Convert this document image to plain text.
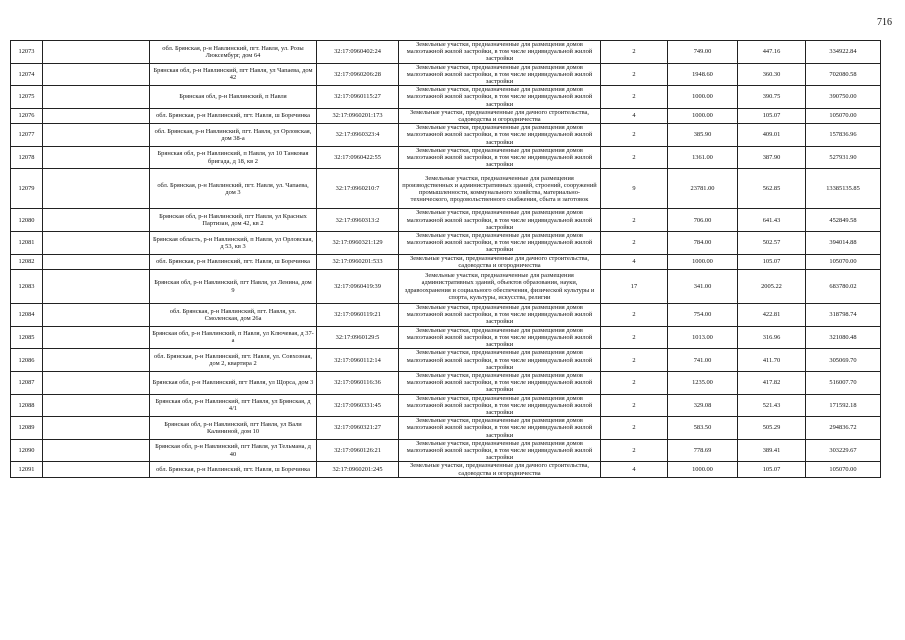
716
12073		обл. Брянская, р-н Навлинский, пгт. Навля, ул. Розы Люксембург, дом 64	32:17:0960402:24	Земельные участки, предназначенные для размещения домов малоэтажной жилой застройки, в том числе индивидуальной жилой застройки	2	749.00	447.16	334922.84
12074		Брянская обл, р-н Навлинский, пгт Навля, ул Чапаева, дом 42	32:17:0960206:28	Земельные участки, предназначенные для размещения домов малоэтажной жилой застройки, в том числе индивидуальной жилой застройки	2	1948.60	360.30	702080.58
12075		Брянская обл, р-н Навлинский, п Навля	32:17:0960115:27	Земельные участки, предназначенные для размещения домов малоэтажной жилой застройки, в том числе индивидуальной жилой застройки	2	1000.00	390.75	390750.00
12076		обл. Брянская, р-н Навлинский, пгт. Навля, ш Боречинка	32:17:0960201:173	Земельные участки, предназначенные для дачного строительства, садоводства и огородничества	4	1000.00	105.07	105070.00
12077		обл. Брянская, р-н Навлинский, пгт. Навля, ул Орловская, дом 38-а	32:17:0960323:4	Земельные участки, предназначенные для размещения домов малоэтажной жилой застройки, в том числе индивидуальной жилой застройки	2	385.90	409.01	157836.96
12078		Брянская обл, р-н Навлинский, п Навля, ул 10 Танковая бригада, д 18, кв 2	32:17:0960422:55	Земельные участки, предназначенные для размещения домов малоэтажной жилой застройки, в том числе индивидуальной жилой застройки	2	1361.00	387.90	527931.90
12079		обл. Брянская, р-н Навлинский, пгт. Навля, ул. Чапаева, дом 3	32:17:0960210:7	Земельные участки, предназначенные для размещения производственных и административных зданий, строений, сооружений промышленности, коммунального хозяйства, материально-технического, продовольственного снабжения, сбыта и заготовок	9	23781.00	562.85	13385135.85
12080		Брянская обл, р-н Навлинский, пгт Навля, ул Красных Партизан, дом 42, кв 2	32:17:0960313:2	Земельные участки, предназначенные для размещения домов малоэтажной жилой застройки, в том числе индивидуальной жилой застройки	2	706.00	641.43	452849.58
12081		Брянская область, р-н Навлинский, п Навля, ул Орловская, д 53, кв 3	32:17:0960321:129	Земельные участки, предназначенные для размещения домов малоэтажной жилой застройки, в том числе индивидуальной жилой застройки	2	784.00	502.57	394014.88
12082		обл. Брянская, р-н Навлинский, пгт. Навля, ш Боречинка	32:17:0960201:533	Земельные участки, предназначенные для дачного строительства, садоводства и огородничества	4	1000.00	105.07	105070.00
12083		Брянская обл, р-н Навлинский, пгт Навля, ул Ленина, дом 9	32:17:0960419:39	Земельные участки, предназначенные для размещения административных зданий, объектов образования, науки, здравоохранения и социального обеспечения, физической культуры и спорта, культуры, искусства, религии	17	341.00	2005.22	683780.02
12084		обл. Брянская, р-н Навлинский, пгт. Навля, ул. Смоленская, дом 26а	32:17:0960119:21	Земельные участки, предназначенные для размещения домов малоэтажной жилой застройки, в том числе индивидуальной жилой застройки	2	754.00	422.81	318798.74
12085		Брянская обл, р-н Навлинский, п Навля, ул Ключевая, д 37-а	32:17:0960129:5	Земельные участки, предназначенные для размещения домов малоэтажной жилой застройки, в том числе индивидуальной жилой застройки	2	1013.00	316.96	321080.48
12086		обл. Брянская, р-н Навлинский, пгт. Навля, ул. Совхозная, дом 2, квартира 2	32:17:0960112:14	Земельные участки, предназначенные для размещения домов малоэтажной жилой застройки, в том числе индивидуальной жилой застройки	2	741.00	411.70	305069.70
12087		Брянская обл, р-н Навлинский, пгт Навля, ул Щорса, дом 3	32:17:0960116:36	Земельные участки, предназначенные для размещения домов малоэтажной жилой застройки, в том числе индивидуальной жилой застройки	2	1235.00	417.82	516007.70
12088		Брянская обл, р-н Навлинский, пгт Навля, ул Брянская, д 4/1	32:17:0960331:45	Земельные участки, предназначенные для размещения домов малоэтажной жилой застройки, в том числе индивидуальной жилой застройки	2	329.08	521.43	171592.18
12089		Брянская обл, р-н Навлинский, пгт Навля, ул Вали Калининой, дом 10	32:17:0960321:27	Земельные участки, предназначенные для размещения домов малоэтажной жилой застройки, в том числе индивидуальной жилой застройки	2	583.50	505.29	294836.72
12090		Брянская обл, р-н Навлинский, пгт Навля, ул Тельмана, д 40	32:17:0960126:21	Земельные участки, предназначенные для размещения домов малоэтажной жилой застройки, в том числе индивидуальной жилой застройки	2	778.69	389.41	303229.67
12091		обл. Брянская, р-н Навлинский, пгт. Навля, ш Боречинка	32:17:0960201:245	Земельные участки, предназначенные для дачного строительства, садоводства и огородничества	4	1000.00	105.07	105070.00
